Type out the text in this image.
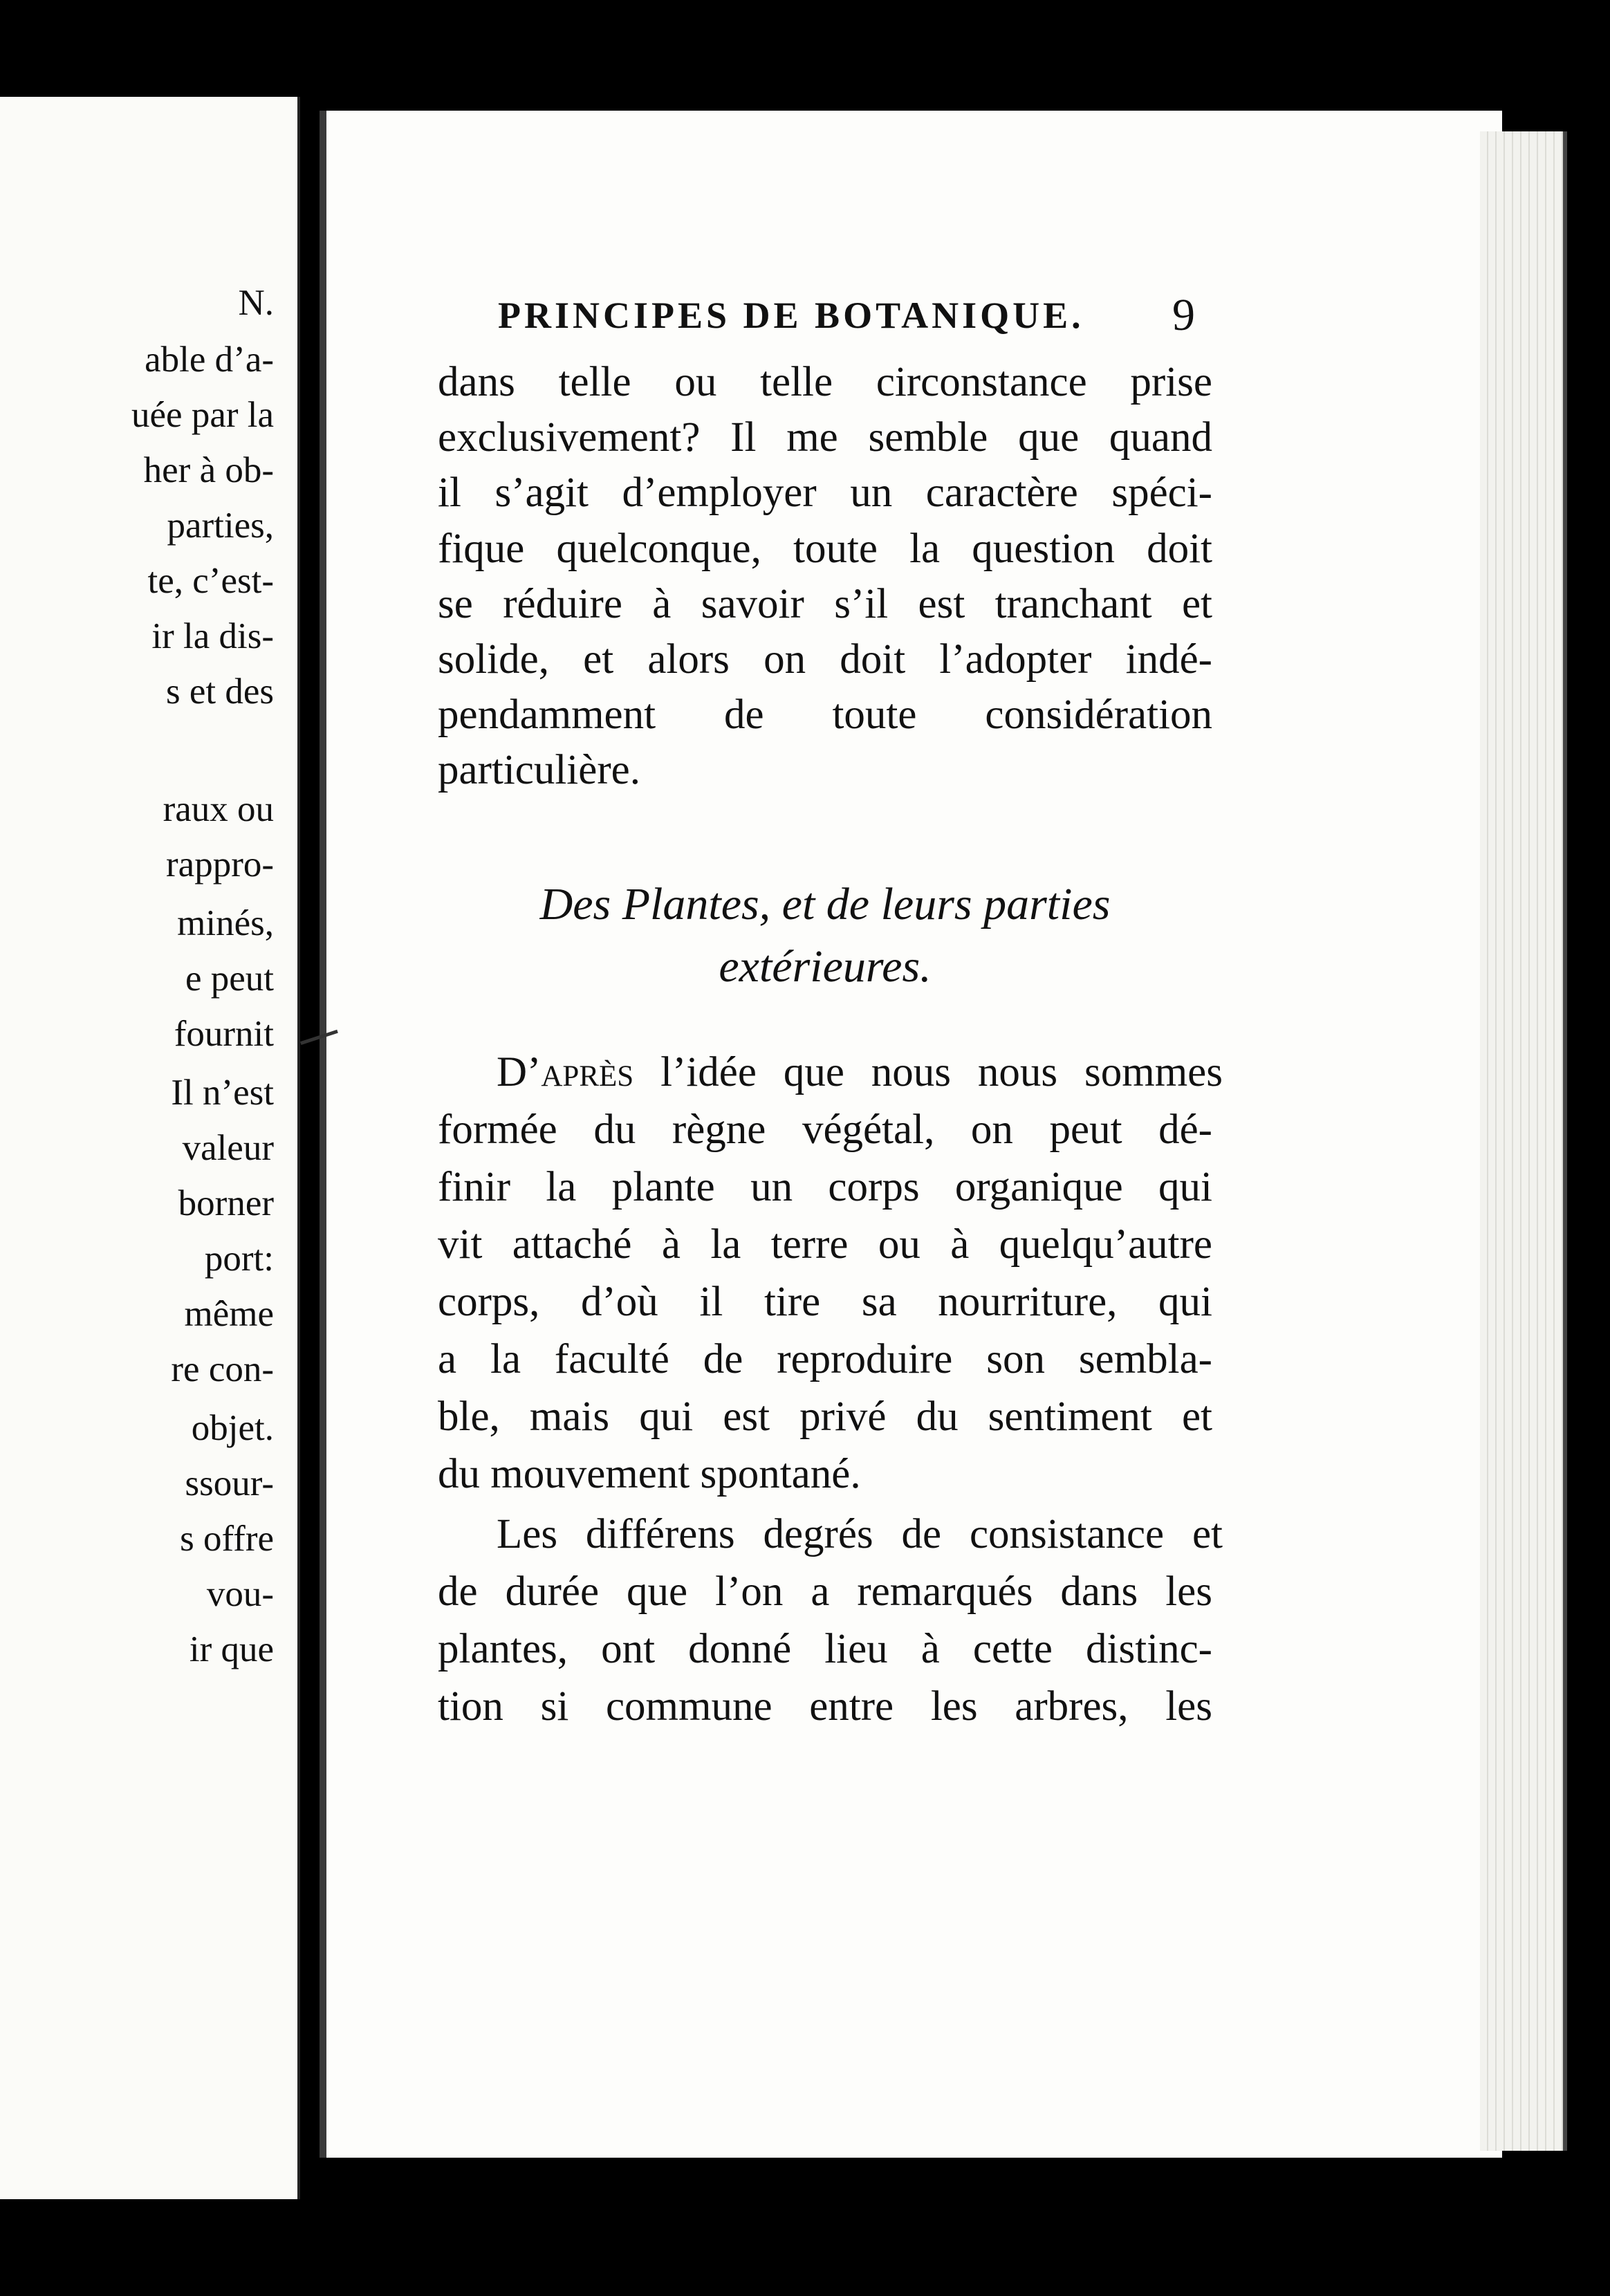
N.
able d’a-
uée par la
her à ob-
parties,
te, c’est-
ir la dis-
s et des
raux ou
rappro-
minés,
e peut
fournit
Il n’est
valeur
borner
port:
même
re con-
objet.
ssour-
s offre
vou-
ir que
PRINCIPES DE BOTANIQUE. 9
dans telle ou telle circonstance prise
exclusivement? Il me semble que quand
il s’agit d’employer un caractère spéci-
fique quelconque, toute la question doit
se réduire à savoir s’il est tranchant et
solide, et alors on doit l’adopter indé-
pendamment de toute considération
particulière.
Des Plantes, et de leurs parties
extérieures.
D’après l’idée que nous nous sommes
formée du règne végétal, on peut dé-
finir la plante un corps organique qui
vit attaché à la terre ou à quelqu’autre
corps, d’où il tire sa nourriture, qui
a la faculté de reproduire son sembla-
ble, mais qui est privé du sentiment et
du mouvement spontané.
Les différens degrés de consistance et
de durée que l’on a remarqués dans les
plantes, ont donné lieu à cette distinc-
tion si commune entre les arbres, les
